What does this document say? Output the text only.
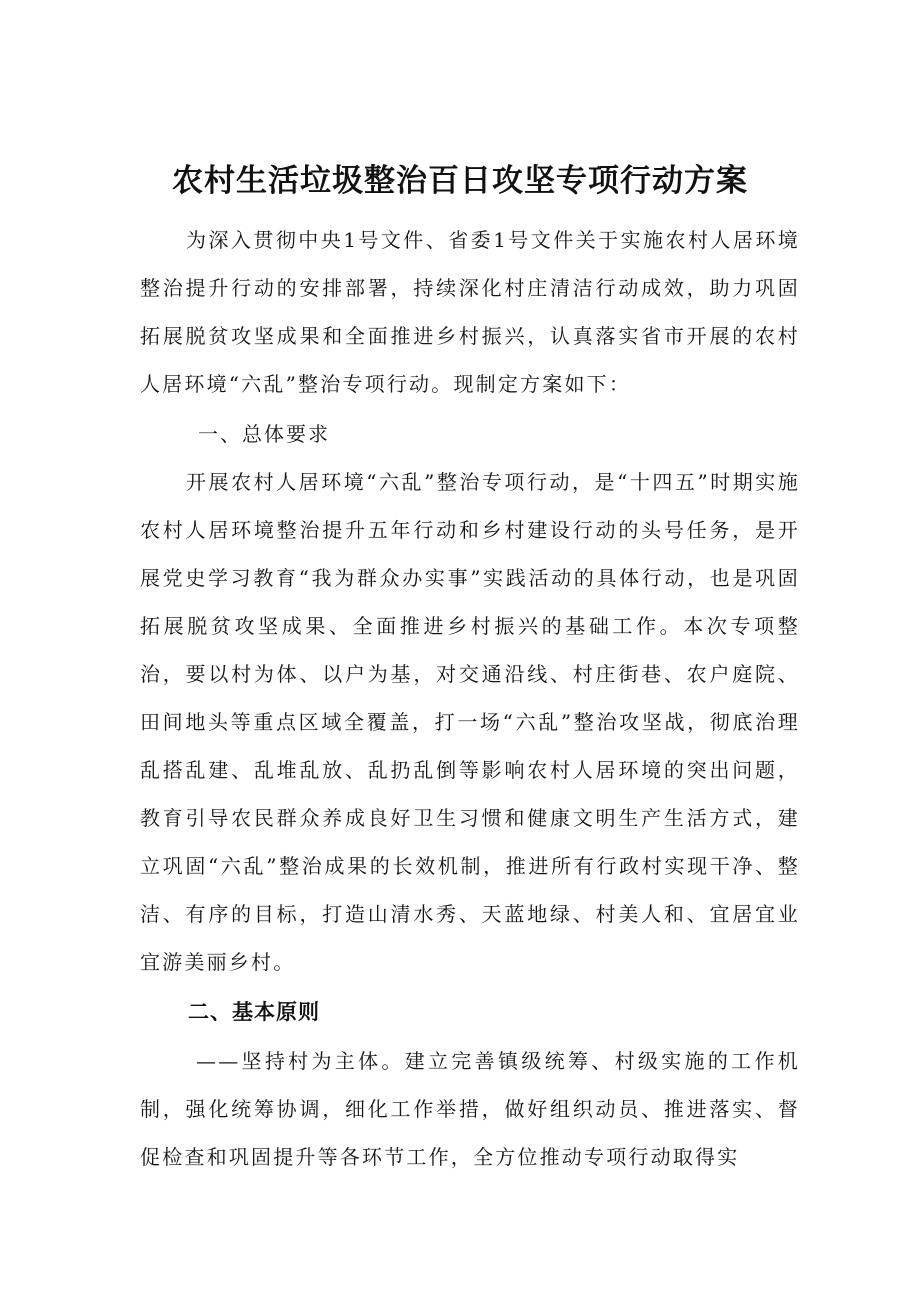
农村生活垃圾整治百日攻坚专项行动方案

为深入贯彻中央1号文件、省委1号文件关于实施农村人居环境整治提升行动的安排部署，持续深化村庄清洁行动成效，助力巩固拓展脱贫攻坚成果和全面推进乡村振兴，认真落实省市开展的农村人居环境“六乱”整治专项行动。现制定方案如下：

一、总体要求

开展农村人居环境“六乱”整治专项行动，是“十四五”时期实施农村人居环境整治提升五年行动和乡村建设行动的头号任务，是开展党史学习教育“我为群众办实事”实践活动的具体行动，也是巩固拓展脱贫攻坚成果、全面推进乡村振兴的基础工作。本次专项整治，要以村为体、以户为基，对交通沿线、村庄街巷、农户庭院、田间地头等重点区域全覆盖，打一场“六乱”整治攻坚战，彻底治理乱搭乱建、乱堆乱放、乱扔乱倒等影响农村人居环境的突出问题，教育引导农民群众养成良好卫生习惯和健康文明生产生活方式，建立巩固“六乱”整治成果的长效机制，推进所有行政村实现干净、整洁、有序的目标，打造山清水秀、天蓝地绿、村美人和、宜居宜业宜游美丽乡村。

二、基本原则

——坚持村为主体。建立完善镇级统筹、村级实施的工作机制，强化统筹协调，细化工作举措，做好组织动员、推进落实、督促检查和巩固提升等各环节工作，全方位推动专项行动取得实
